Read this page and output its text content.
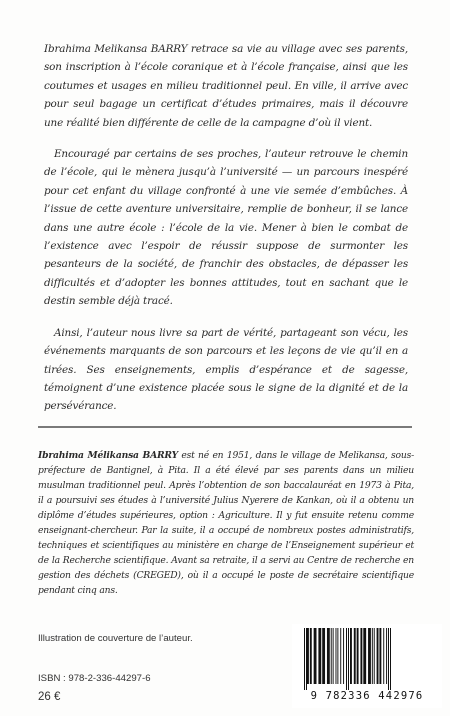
Ibrahima Melikansa BARRY retrace sa vie au village avec ses parents, son inscription à l’école coranique et à l’école française, ainsi que les coutumes et usages en milieu traditionnel peul. En ville, il arrive avec pour seul bagage un certificat d’études primaires, mais il découvre une réalité bien différente de celle de la campagne d’où il vient.

Encouragé par certains de ses proches, l’auteur retrouve le chemin de l’école, qui le mènera jusqu’à l’université — un parcours inespéré pour cet enfant du village confronté à une vie semée d’embûches. À l’issue de cette aventure universitaire, remplie de bonheur, il se lance dans une autre école : l’école de la vie. Mener à bien le combat de l’existence avec l’espoir de réussir suppose de surmonter les pesanteurs de la société, de franchir des obstacles, de dépasser les difficultés et d’adopter les bonnes attitudes, tout en sachant que le destin semble déjà tracé.

Ainsi, l’auteur nous livre sa part de vérité, partageant son vécu, les événements marquants de son parcours et les leçons de vie qu’il en a tirées. Ses enseignements, emplis d’espérance et de sagesse, témoignent d’une existence placée sous le signe de la dignité et de la persévérance.

Ibrahima Mélikansa BARRY est né en 1951, dans le village de Melikansa, sous-préfecture de Bantignel, à Pita. Il a été élevé par ses parents dans un milieu musulman traditionnel peul. Après l’obtention de son baccalauréat en 1973 à Pita, il a poursuivi ses études à l’université Julius Nyerere de Kankan, où il a obtenu un diplôme d’études supérieures, option : Agriculture. Il y fut ensuite retenu comme enseignant-chercheur. Par la suite, il a occupé de nombreux postes administratifs, techniques et scientifiques au ministère en charge de l’Enseignement supérieur et de la Recherche scientifique. Avant sa retraite, il a servi au Centre de recherche en gestion des déchets (CREGED), où il a occupé le poste de secrétaire scientifique pendant cinq ans.

Illustration de couverture de l’auteur.
ISBN : 978-2-336-44297-6
26 €	9 782336 442976
